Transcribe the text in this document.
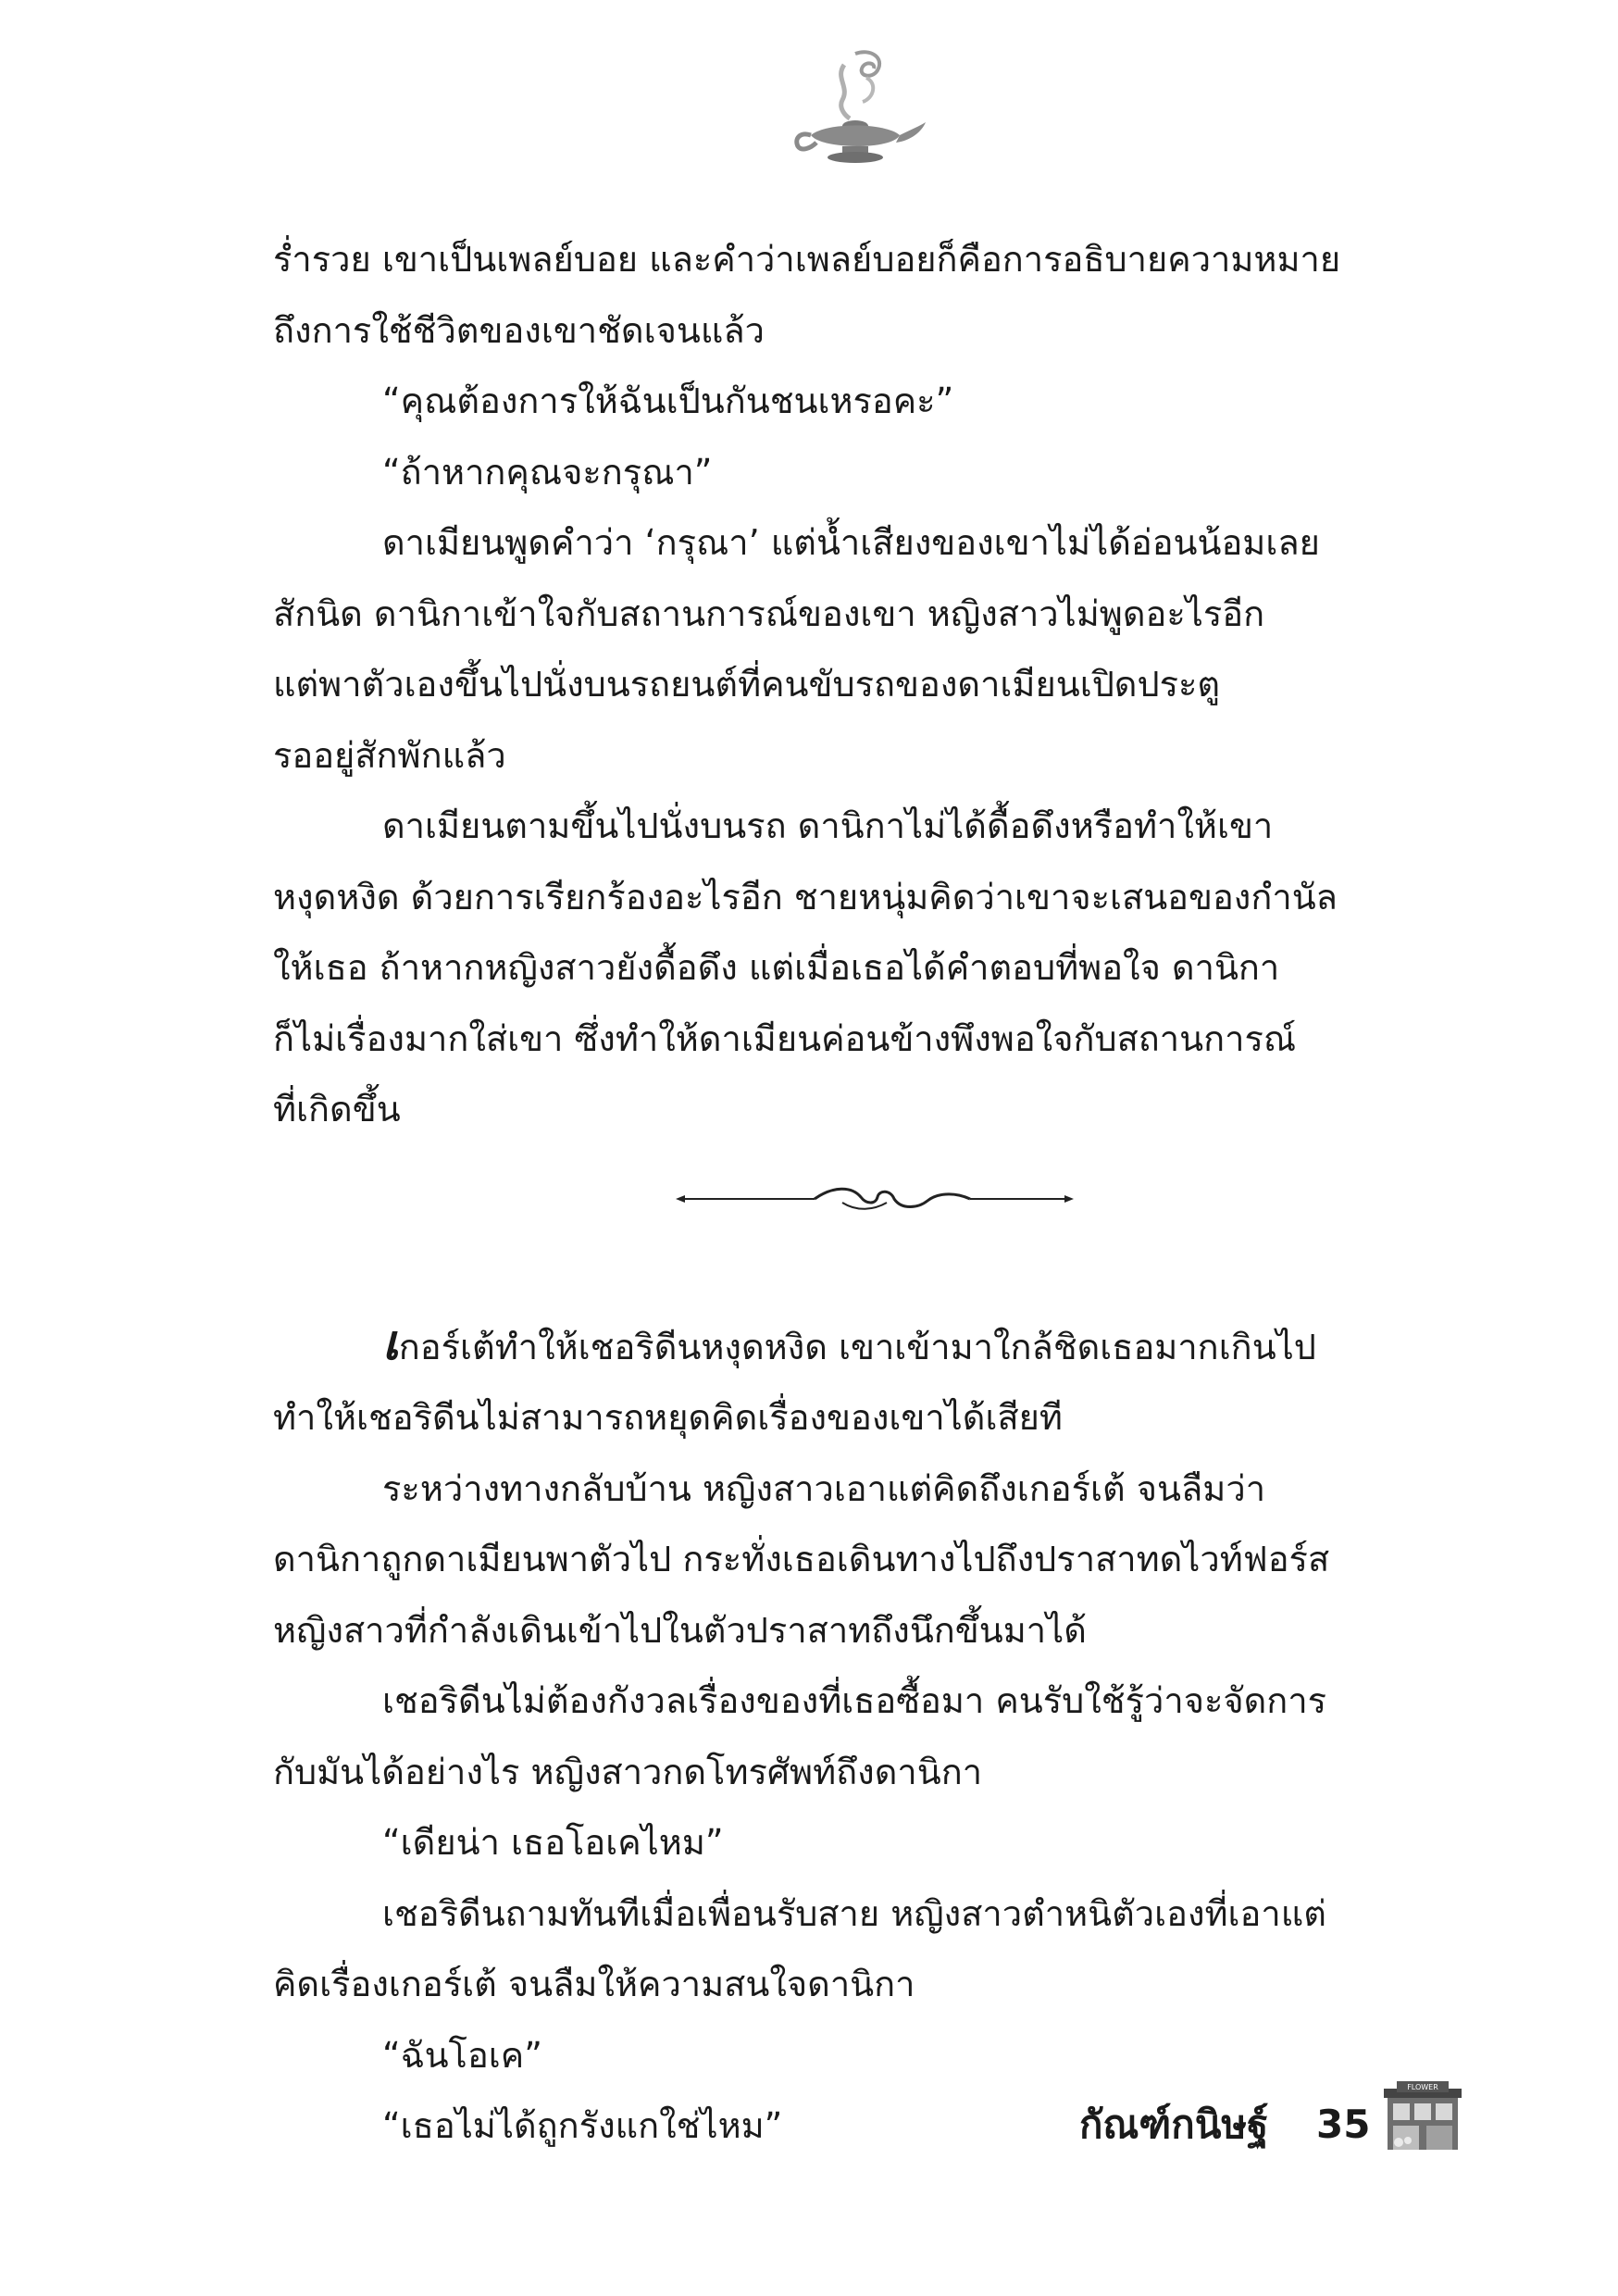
ร่ำรวย เขาเป็นเพลย์บอย และคำว่าเพลย์บอยก็คือการอธิบายความหมาย
ถึงการใช้ชีวิตของเขาชัดเจนแล้ว

“คุณต้องการให้ฉันเป็นกันชนเหรอคะ”

“ถ้าหากคุณจะกรุณา”

ดาเมียนพูดคำว่า ‘กรุณา’ แต่น้ำเสียงของเขาไม่ได้อ่อนน้อมเลย
สักนิด ดานิกาเข้าใจกับสถานการณ์ของเขา หญิงสาวไม่พูดอะไรอีก
แต่พาตัวเองขึ้นไปนั่งบนรถยนต์ที่คนขับรถของดาเมียนเปิดประตู
รออยู่สักพักแล้ว

ดาเมียนตามขึ้นไปนั่งบนรถ ดานิกาไม่ได้ดื้อดึงหรือทำให้เขา
หงุดหงิด ด้วยการเรียกร้องอะไรอีก ชายหนุ่มคิดว่าเขาจะเสนอของกำนัล
ให้เธอ ถ้าหากหญิงสาวยังดื้อดึง แต่เมื่อเธอได้คำตอบที่พอใจ ดานิกา
ก็ไม่เรื่องมากใส่เขา ซึ่งทำให้ดาเมียนค่อนข้างพึงพอใจกับสถานการณ์
ที่เกิดขึ้น

เกอร์เต้ทำให้เชอริดีนหงุดหงิด เขาเข้ามาใกล้ชิดเธอมากเกินไป
ทำให้เชอริดีนไม่สามารถหยุดคิดเรื่องของเขาได้เสียที

ระหว่างทางกลับบ้าน หญิงสาวเอาแต่คิดถึงเกอร์เต้ จนลืมว่า
ดานิกาถูกดาเมียนพาตัวไป กระทั่งเธอเดินทางไปถึงปราสาทดไวท์ฟอร์ส
หญิงสาวที่กำลังเดินเข้าไปในตัวปราสาทถึงนึกขึ้นมาได้

เชอริดีนไม่ต้องกังวลเรื่องของที่เธอซื้อมา คนรับใช้รู้ว่าจะจัดการ
กับมันได้อย่างไร หญิงสาวกดโทรศัพท์ถึงดานิกา

“เดียน่า เธอโอเคไหม”

เชอริดีนถามทันทีเมื่อเพื่อนรับสาย หญิงสาวตำหนิตัวเองที่เอาแต่
คิดเรื่องเกอร์เต้ จนลืมให้ความสนใจดานิกา

“ฉันโอเค”

“เธอไม่ได้ถูกรังแกใช่ไหม”	กัณฑ์กนิษฐ์ 35
FLOWER
